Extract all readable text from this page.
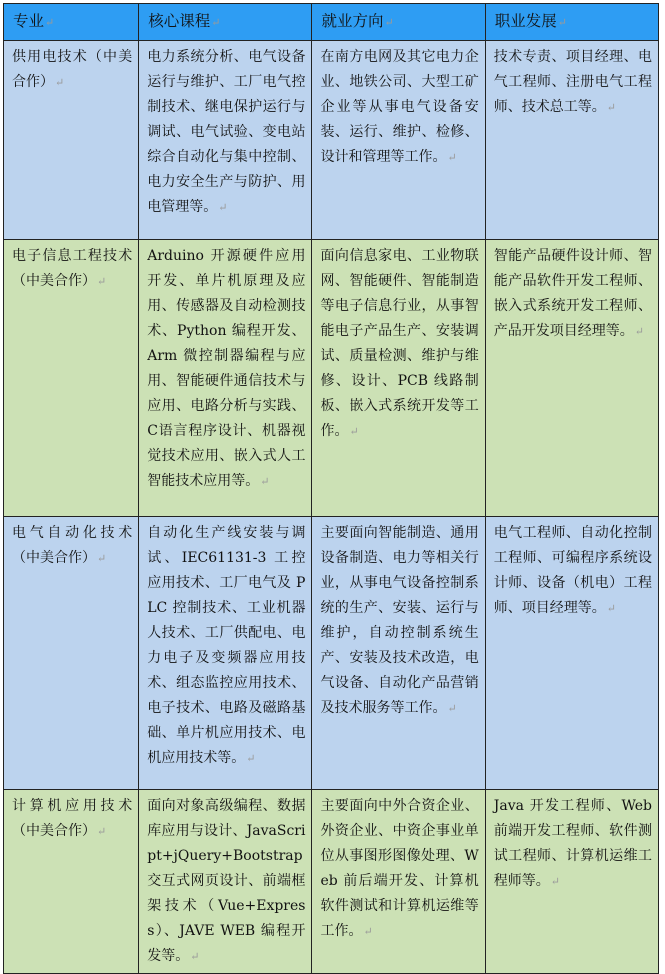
专业↵	核心课程↵	就业方向↵	职业发展↵
供用电技术（中美合作）↵	电力系统分析、电气设备运行与维护、工厂电气控制技术、继电保护运行与调试、电气试验、变电站综合自动化与集中控制、电力安全生产与防护、用电管理等。↵	在南方电网及其它电力企业、地铁公司、大型工矿企业等从事电气设备安装、运行、维护、检修、设计和管理等工作。↵	技术专责、项目经理、电气工程师、注册电气工程师、技术总工等。↵
电子信息工程技术（中美合作）↵	Arduino 开源硬件应用开发、单片机原理及应用、传感器及自动检测技术、Python 编程开发、Arm 微控制器编程与应用、智能硬件通信技术与应用、电路分析与实践、C语言程序设计、机器视觉技术应用、嵌入式人工智能技术应用等。↵	面向信息家电、工业物联网、智能硬件、智能制造等电子信息行业，从事智能电子产品生产、安装调试、质量检测、维护与维修、设计、PCB 线路制板、嵌入式系统开发等工作。↵	智能产品硬件设计师、智能产品软件开发工程师、嵌入式系统开发工程师、产品开发项目经理等。↵
电气自动化技术（中美合作）↵	自动化生产线安装与调试、IEC61131-3 工控应用技术、工厂电气及 PLC 控制技术、工业机器人技术、工厂供配电、电力电子及变频器应用技术、组态监控应用技术、电子技术、电路及磁路基础、单片机应用技术、电机应用技术等。↵	主要面向智能制造、通用设备制造、电力等相关行业，从事电气设备控制系统的生产、安装、运行与维护，自动控制系统生产、安装及技术改造，电气设备、自动化产品营销及技术服务等工作。↵	电气工程师、自动化控制工程师、可编程序系统设计师、设备（机电）工程师、项目经理等。↵
计算机应用技术（中美合作）↵	面向对象高级编程、数据库应用与设计、JavaScript+jQuery+Bootstrap 交互式网页设计、前端框架技术（Vue+Express）、JAVE WEB 编程开发等。↵	主要面向中外合资企业、外资企业、中资企事业单位从事图形图像处理、Web 前后端开发、计算机软件测试和计算机运维等工作。↵	Java 开发工程师、Web 前端开发工程师、软件测试工程师、计算机运维工程师等。↵
